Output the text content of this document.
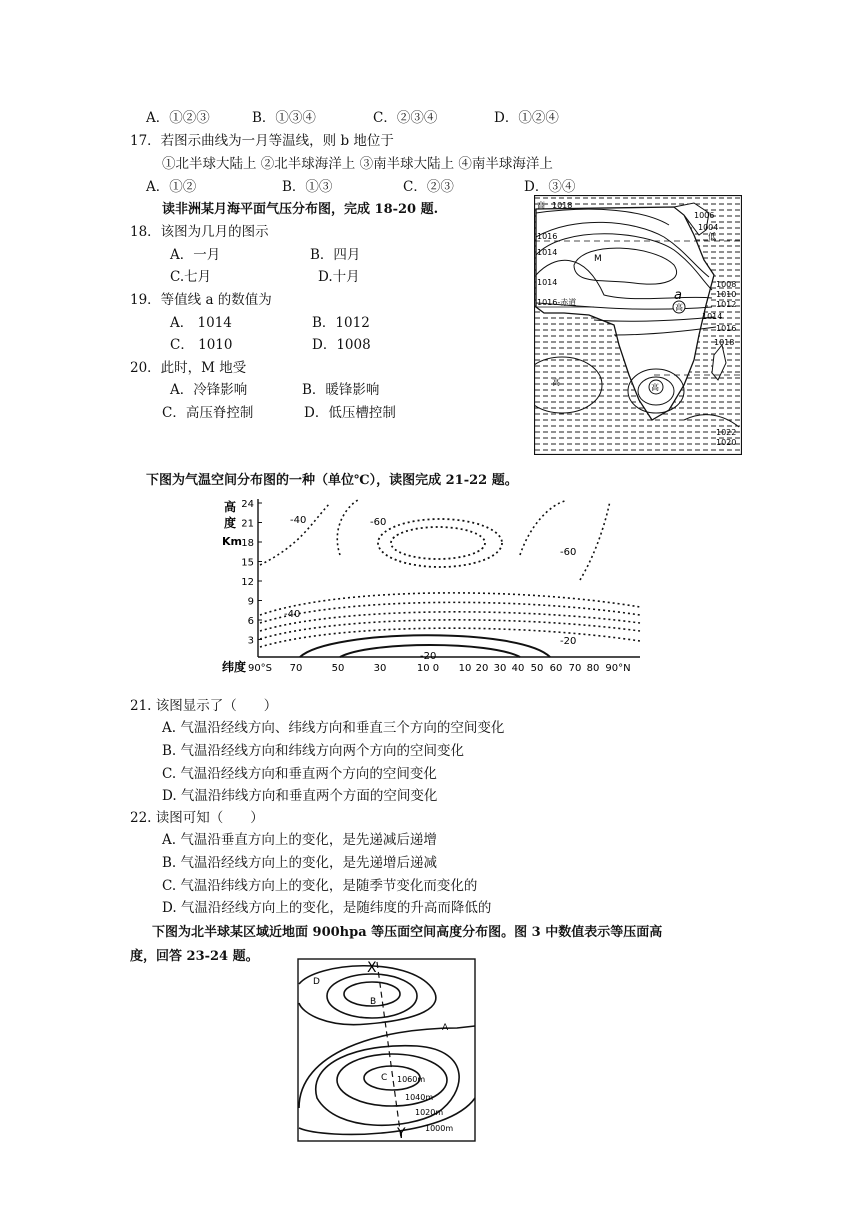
A．①②③	B．①③④	C．②③④	D．①②④
17．若图示曲线为一月等温线，则 b 地位于
①北半球大陆上 ②北半球海洋上 ③南半球大陆上 ④南半球海洋上
A．①②	B．①③	C．②③	D．③④
读非洲某月海平面气压分布图，完成 18-20 题.
18．该图为几月的图示
A．一月	B．四月
C.七月	D.十月
19．等值线 a 的数值为
A． 1014	B．1012
C． 1010	D．1008
20．此时，M 地受
A．冷锋影响	B．暖锋影响
C．高压脊控制	D．低压槽控制
高 1018
1016
1014
1014
1016-赤道
M
a
高
高
高
低
1006
1004
1008
1010
1012
1014
1016
1018
1022
1020
下图为气温空间分布图的一种（单位℃），读图完成 21-22 题。
高
度
Km
24
21
18
15
12
9
6
3
纬度 90°S 70	50	30	10 0 10 20 30 40 50 60 70 80 90°N
-40	-60
-60
-40
-20
-20
21. 该图显示了（　　）
A. 气温沿经线方向、纬线方向和垂直三个方向的空间变化
B. 气温沿经线方向和纬线方向两个方向的空间变化
C. 气温沿经线方向和垂直两个方向的空间变化
D. 气温沿纬线方向和垂直两个方面的空间变化
22. 读图可知（　　）
A. 气温沿垂直方向上的变化，是先递减后递增
B. 气温沿经线方向上的变化，是先递增后递减
C. 气温沿纬线方向上的变化，是随季节变化而变化的
D. 气温沿经线方向上的变化，是随纬度的升高而降低的
下图为北半球某区域近地面 900hpa 等压面空间高度分布图。图 3 中数值表示等压面高
度，回答 23-24 题。
X
Y
D
B
A
C 1060m
1040m
1020m
1000m
